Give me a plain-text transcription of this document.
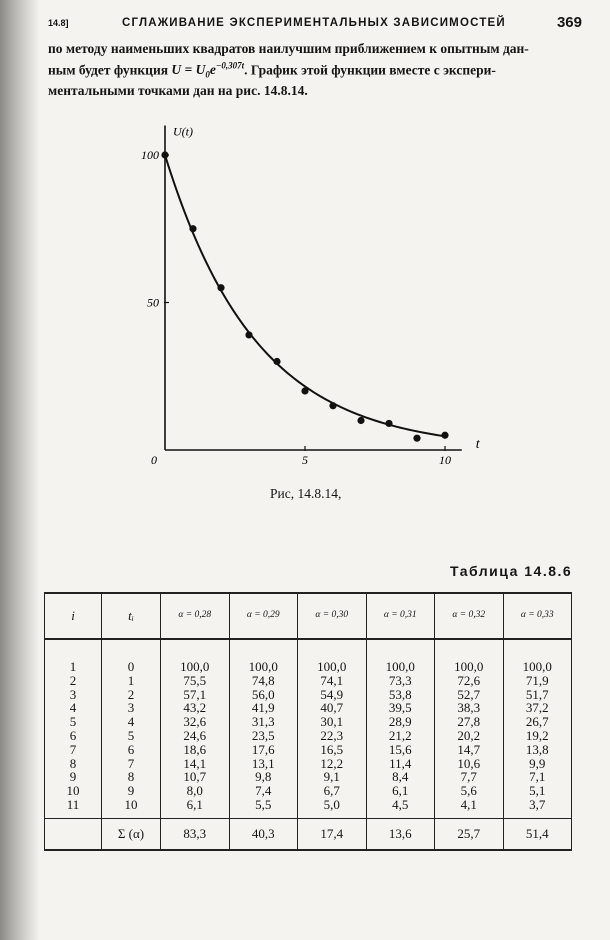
14.8]	СГЛАЖИВАНИЕ ЭКСПЕРИМЕНТАЛЬНЫХ ЗАВИСИМОСТЕЙ	369

по методу наименьших квадратов наилучшим приближением к опытным дан-

ным будет функция $U = U_0e^{-0,307t}$. График этой функции вместе с экспери-

ментальными точками дан на рис. 14.8.14.

U(t)
t
50
100
0	5	10
Рис, 14.8.14,
Таблица 14.8.6
i	tᵢ	α = 0,28	α = 0,29	α = 0,30	α = 0,31	α = 0,32	α = 0,33
1	0	100,0	100,0	100,0	100,0	100,0	100,0
2	1	75,5	74,8	74,1	73,3	72,6	71,9
3	2	57,1	56,0	54,9	53,8	52,7	51,7
4	3	43,2	41,9	40,7	39,5	38,3	37,2
5	4	32,6	31,3	30,1	28,9	27,8	26,7
6	5	24,6	23,5	22,3	21,2	20,2	19,2
7	6	18,6	17,6	16,5	15,6	14,7	13,8
8	7	14,1	13,1	12,2	11,4	10,6	9,9
9	8	10,7	9,8	9,1	8,4	7,7	7,1
10	9	8,0	7,4	6,7	6,1	5,6	5,1
11	10	6,1	5,5	5,0	4,5	4,1	3,7
	Σ (α)	83,3	40,3	17,4	13,6	25,7	51,4
